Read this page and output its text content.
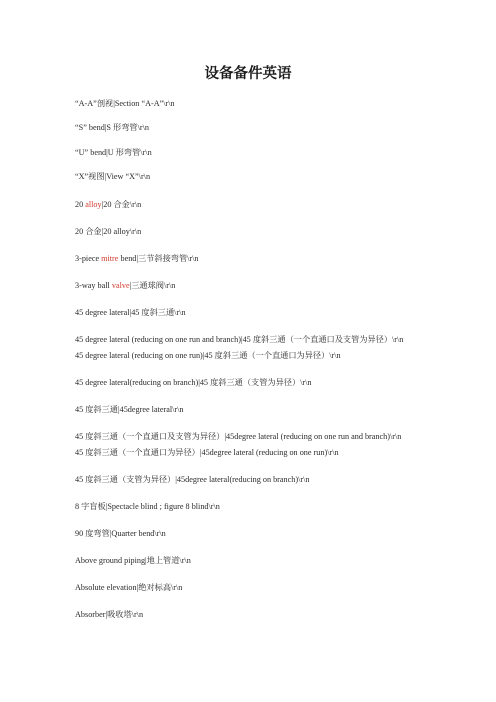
设备备件英语
“A-A”剖视|Section “A-A”\r\n
“S” bend|S 形弯管\r\n
“U” bend|U 形弯管\r\n
“X”视图|View “X”\r\n
20 alloy|20 合金\r\n
20 合金|20 alloy\r\n
3-piece mitre bend|三节斜接弯管\r\n
3-way ball valve|三通球阀\r\n
45 degree lateral|45 度斜三通\r\n
45 degree lateral (reducing on one run and branch)|45 度斜三通（一个直通口及支管为异径）\r\n
45 degree lateral (reducing on one run)|45 度斜三通（一个直通口为异径）\r\n
45 degree lateral(reducing on branch)|45 度斜三通（支管为异径）\r\n
45 度斜三通|45degree lateral\r\n
45 度斜三通（一个直通口及支管为异径）|45degree lateral (reducing on one run and branch)\r\n
45 度斜三通（一个直通口为异径）|45degree lateral (reducing on one run)\r\n
45 度斜三通（支管为异径）|45degree lateral(reducing on branch)\r\n
8 字盲板|Spectacle blind ; figure 8 blind\r\n
90 度弯管|Quarter bend\r\n
Above ground piping|地上管道\r\n
Absolute elevation|绝对标高\r\n
Absorber|吸收塔\r\n
